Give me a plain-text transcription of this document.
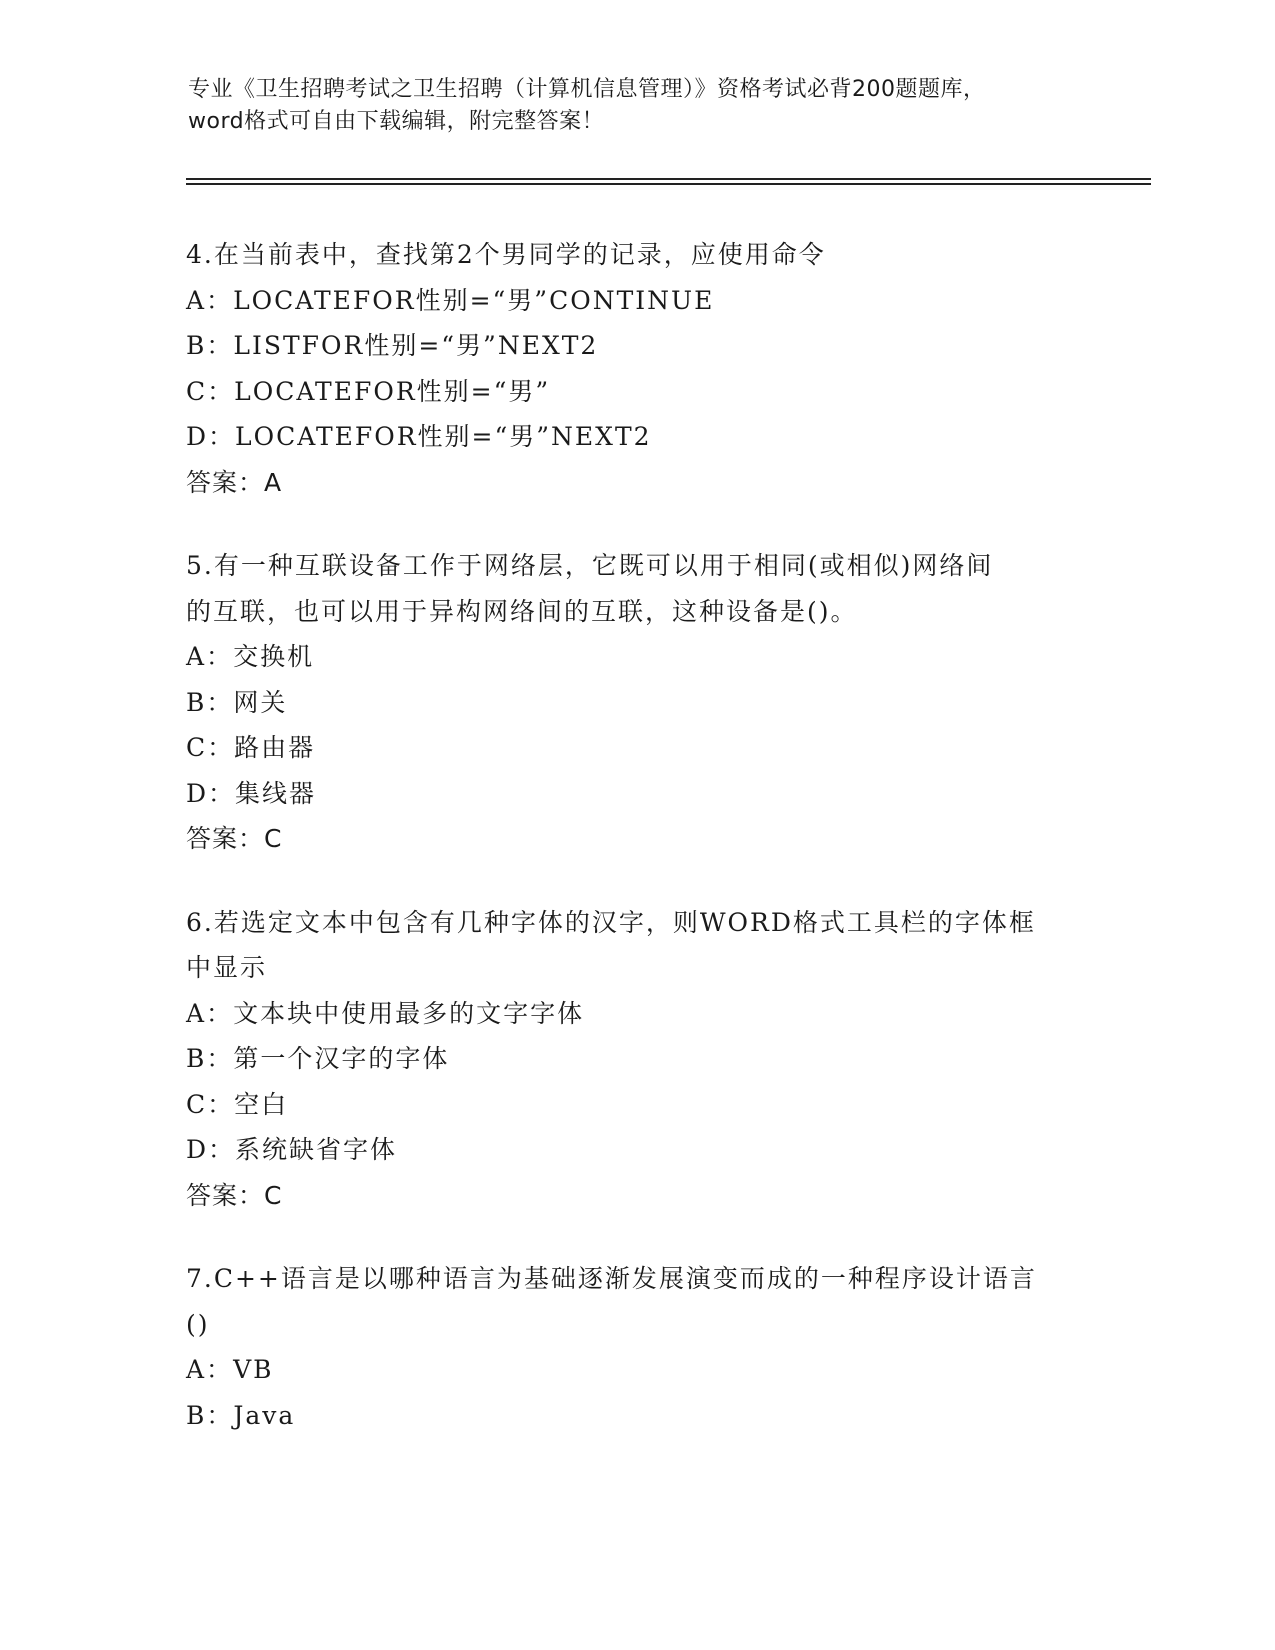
专业《卫生招聘考试之卫生招聘（计算机信息管理）》资格考试必背200题题库，
word格式可自由下载编辑，附完整答案！
4.在当前表中，查找第2个男同学的记录，应使用命令
A：LOCATEFOR性别=“男”CONTINUE
B：LISTFOR性别=“男”NEXT2
C：LOCATEFOR性别=“男”
D：LOCATEFOR性别=“男”NEXT2
答案：A
5.有一种互联设备工作于网络层，它既可以用于相同(或相似)网络间
的互联，也可以用于异构网络间的互联，这种设备是()。
A：交换机
B：网关
C：路由器
D：集线器
答案：C
6.若选定文本中包含有几种字体的汉字，则WORD格式工具栏的字体框
中显示
A：文本块中使用最多的文字字体
B：第一个汉字的字体
C：空白
D：系统缺省字体
答案：C
7.C++语言是以哪种语言为基础逐渐发展演变而成的一种程序设计语言
()
A：VB
B：Java
